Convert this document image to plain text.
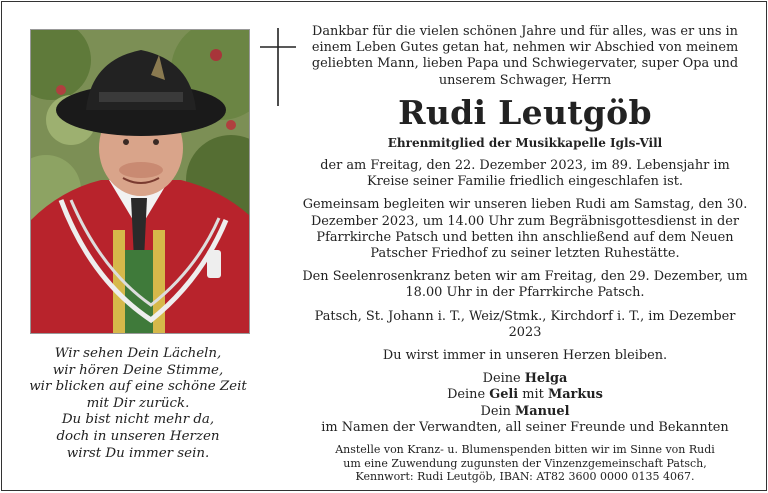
Wir sehen Dein Lächeln,
wir hören Deine Stimme,
wir blicken auf eine schöne Zeit
mit Dir zurück.
Du bist nicht mehr da,
doch in unseren Herzen
wirst Du immer sein.

Dankbar für die vielen schönen Jahre und für alles, was er uns in einem Leben Gutes getan hat, nehmen wir Abschied von meinem geliebten Mann, lieben Papa und Schwiegervater, super Opa und unserem Schwager, Herrn

Rudi Leutgöb

Ehrenmitglied der Musikkapelle Igls-Vill

der am Freitag, den 22. Dezember 2023, im 89. Lebensjahr im Kreise seiner Familie friedlich eingeschlafen ist.

Gemeinsam begleiten wir unseren lieben Rudi am Samstag, den 30. Dezember 2023, um 14.00 Uhr zum Begräbnisgottesdienst in der Pfarrkirche Patsch und betten ihn anschließend auf dem Neuen Patscher Friedhof zu seiner letzten Ruhestätte.

Den Seelenrosenkranz beten wir am Freitag, den 29. Dezember, um 18.00 Uhr in der Pfarrkirche Patsch.

Patsch, St. Johann i. T., Weiz/Stmk., Kirchdorf i. T., im Dezember 2023

Du wirst immer in unseren Herzen bleiben.

Deine Helga

Deine Geli mit Markus

Dein Manuel

im Namen der Verwandten, all seiner Freunde und Bekannten

Anstelle von Kranz- u. Blumenspenden bitten wir im Sinne von Rudi
um eine Zuwendung zugunsten der Vinzenzgemeinschaft Patsch,
Kennwort: Rudi Leutgöb, IBAN: AT82 3600 0000 0135 4067.
